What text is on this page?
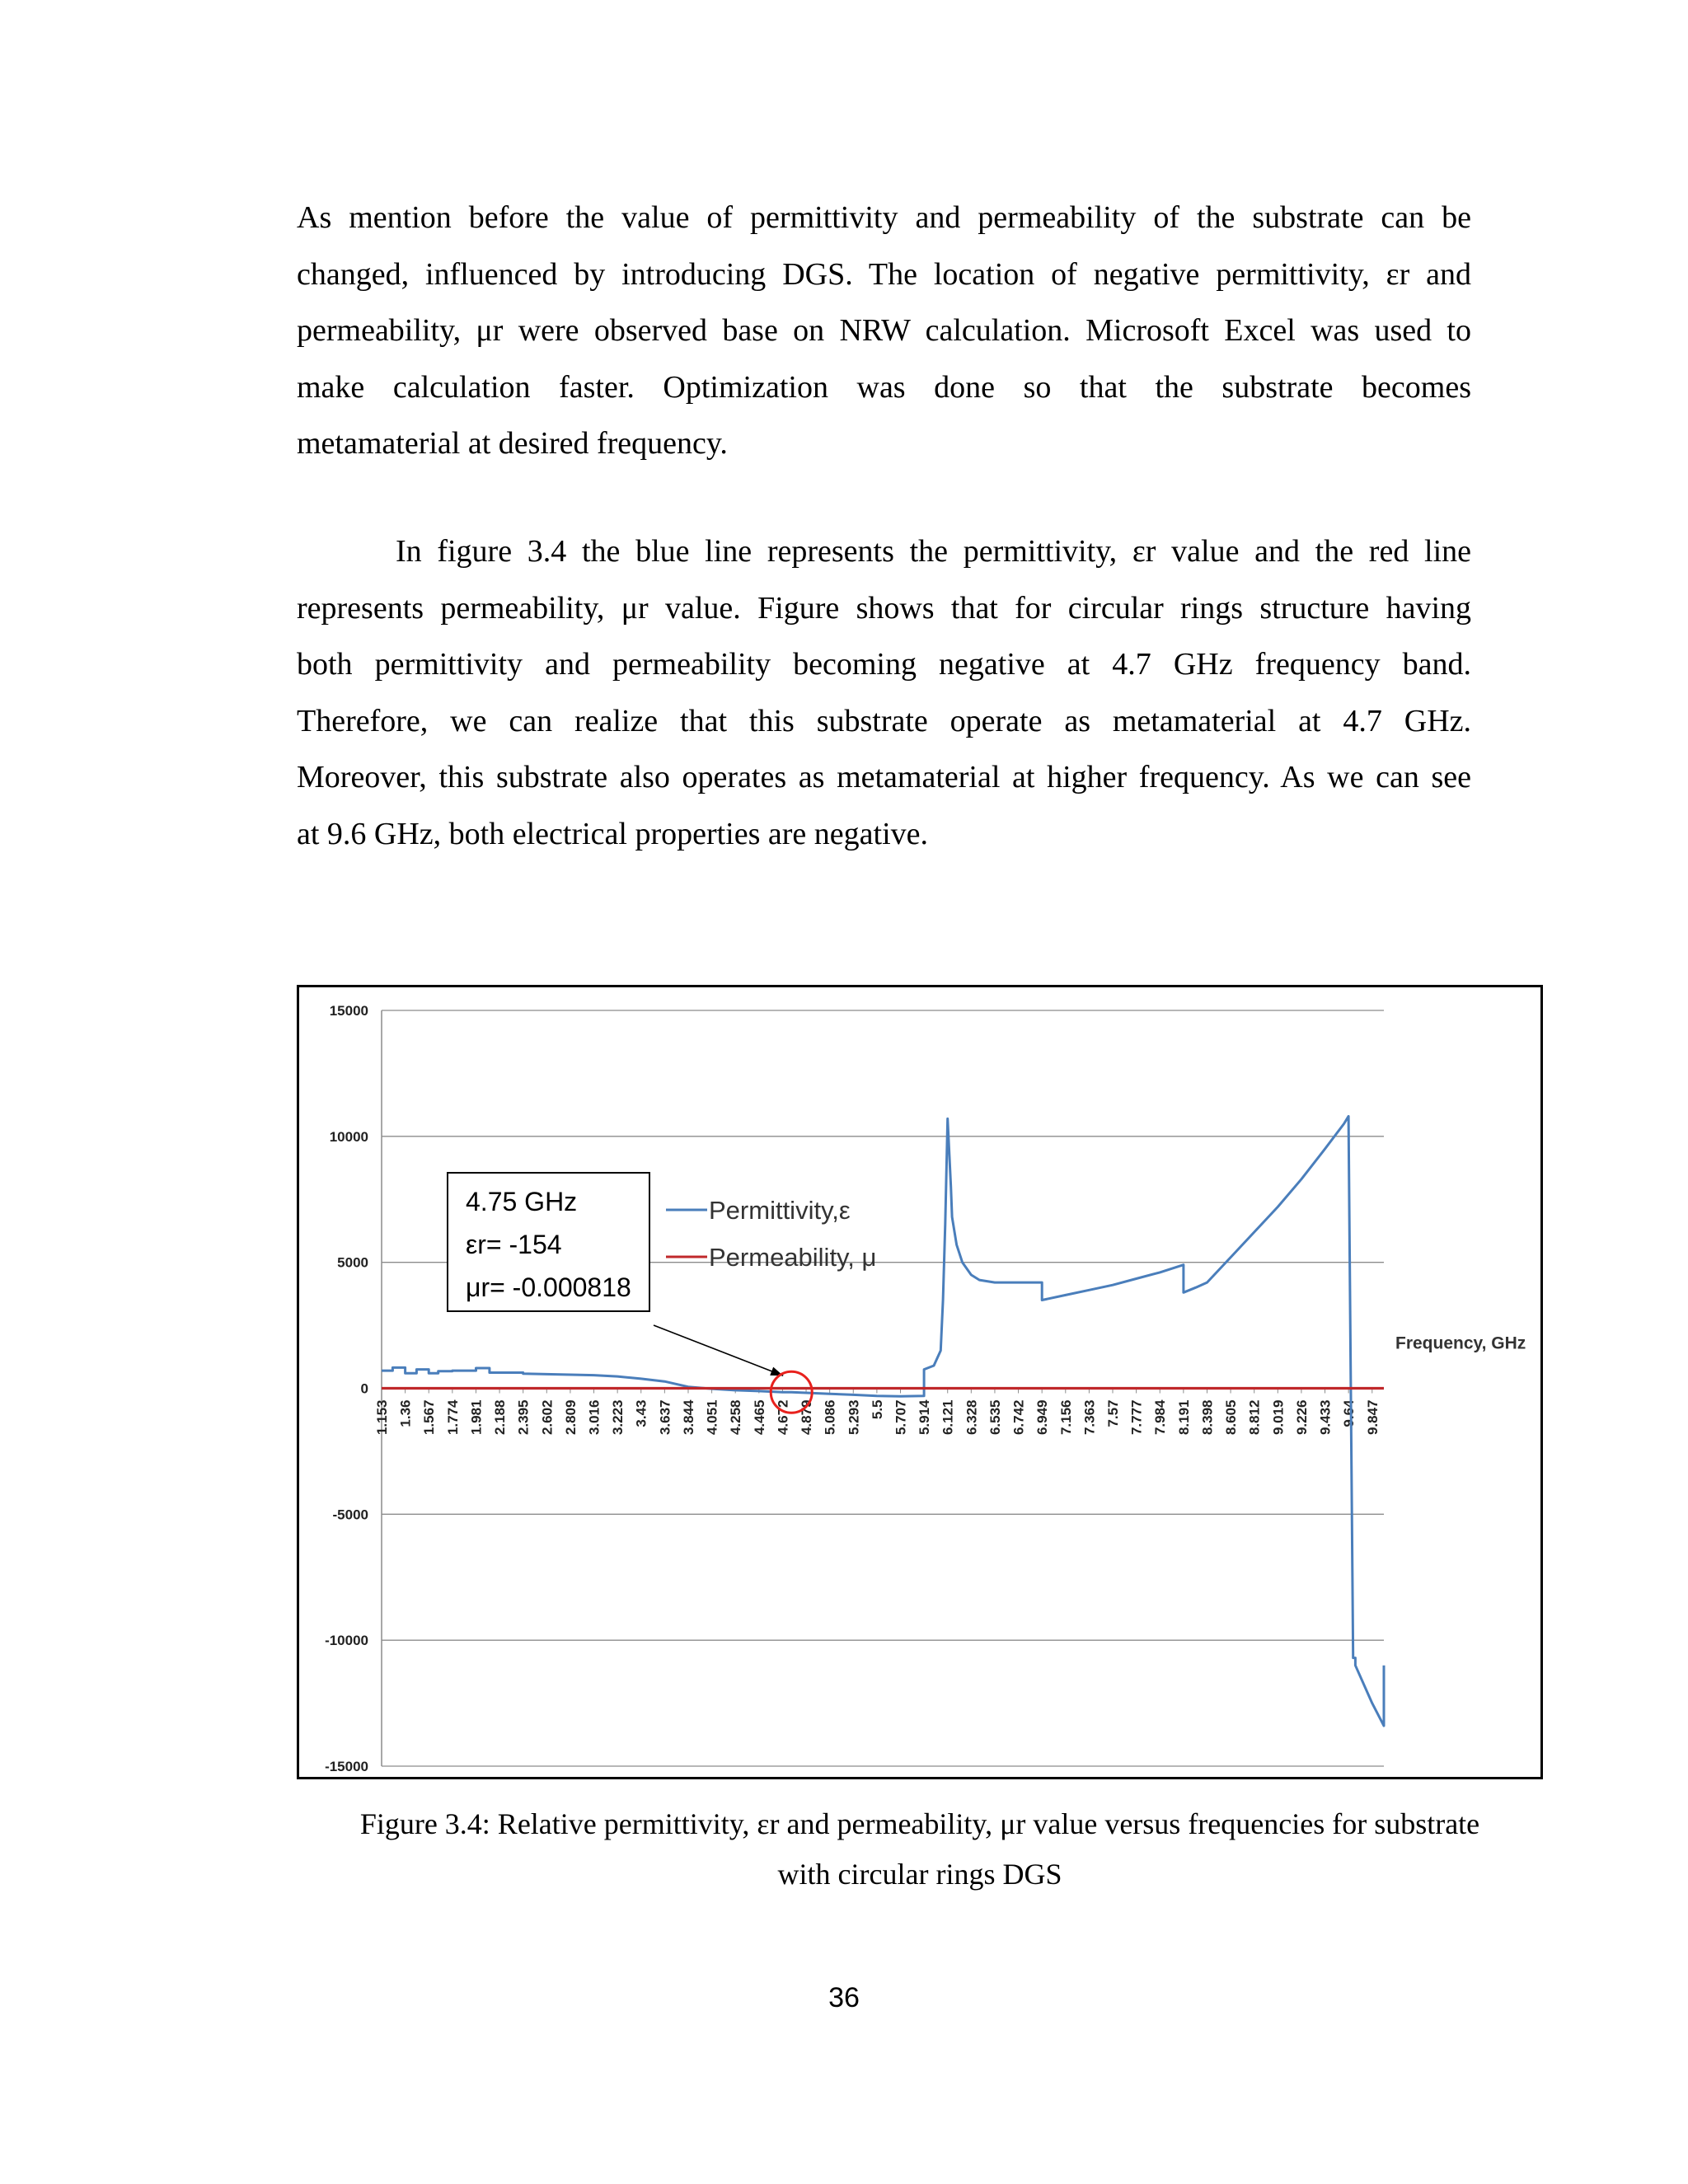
As mention before the value of permittivity and permeability of the substrate can be
changed, influenced by introducing DGS. The location of negative permittivity, εr and
permeability, μr were observed base on NRW calculation. Microsoft Excel was used to
make calculation faster. Optimization was done so that the substrate becomes
metamaterial at desired frequency.
In figure 3.4 the blue line represents the permittivity, εr value and the red line
represents permeability, μr value. Figure shows that for circular rings structure having
both permittivity and permeability becoming negative at 4.7 GHz frequency band.
Therefore, we can realize that this substrate operate as metamaterial at 4.7 GHz.
Moreover, this substrate also operates as metamaterial at higher frequency. As we can see
at 9.6 GHz, both electrical properties are negative.
15000
10000
5000
0
-5000
-10000
-15000
1.153 1.36 1.567 1.774 1.981 2.188 2.395 2.602 2.809 3.016 3.223 3.43 3.637 3.844 4.051 4.258 4.465 4.672 4.879 5.086 5.293 5.5 5.707 5.914 6.121 6.328 6.535 6.742 6.949 7.156 7.363 7.57 7.777 7.984 8.191 8.398 8.605 8.812 9.019 9.226 9.433 9.64 9.847
Frequency, GHz
Permittivity,ε
Permeability, μ
4.75 GHz
εr= -154
μr= -0.000818
Figure 3.4: Relative permittivity, εr and permeability, μr value versus frequencies for substrate
with circular rings DGS
36
